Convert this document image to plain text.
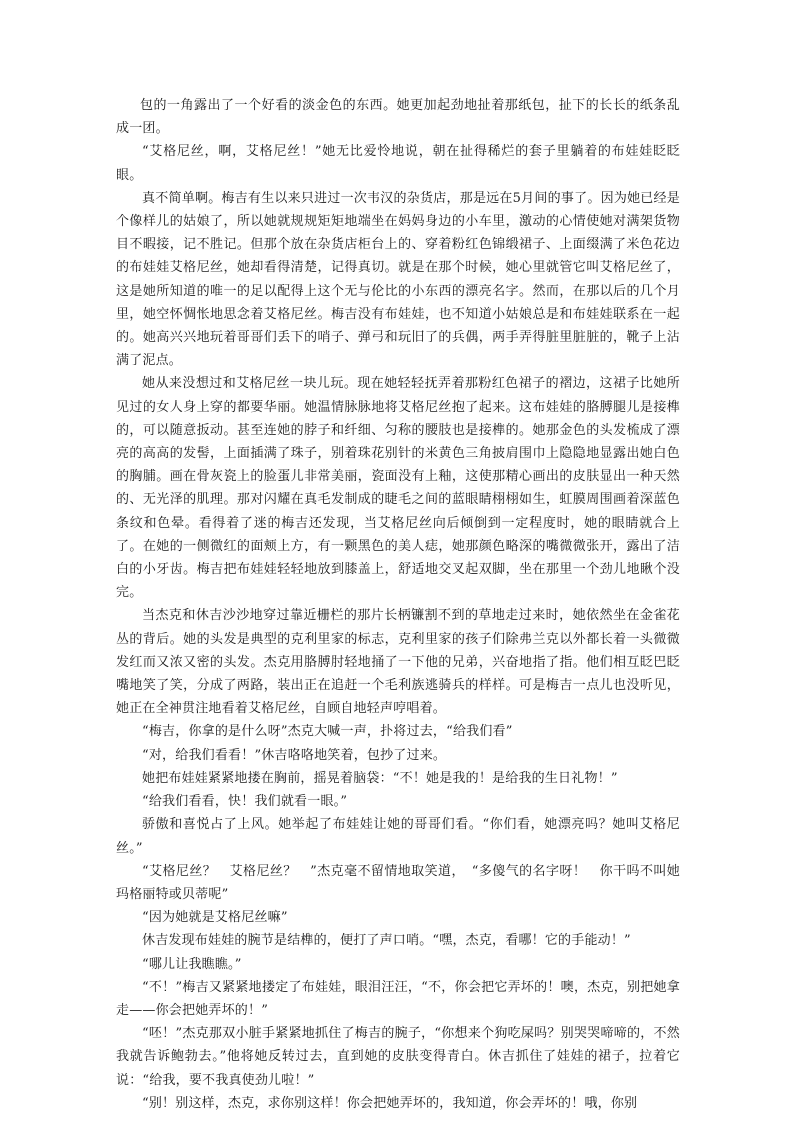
包的一角露出了一个好看的淡金色的东西。她更加起劲地扯着那纸包，扯下的长长的纸条乱成一团。

“艾格尼丝，啊，艾格尼丝！”她无比爱怜地说，朝在扯得稀烂的套子里躺着的布娃娃眨眨眼。

真不简单啊。梅吉有生以来只进过一次韦汉的杂货店，那是远在5月间的事了。因为她已经是个像样儿的姑娘了，所以她就规规矩矩地端坐在妈妈身边的小车里，激动的心情使她对满架货物目不暇接，记不胜记。但那个放在杂货店柜台上的、穿着粉红色锦缎裙子、上面缀满了米色花边的布娃娃艾格尼丝，她却看得清楚，记得真切。就是在那个时候，她心里就管它叫艾格尼丝了，这是她所知道的唯一的足以配得上这个无与伦比的小东西的漂亮名字。然而，在那以后的几个月里，她空怀惆怅地思念着艾格尼丝。梅吉没有布娃娃，也不知道小姑娘总是和布娃娃联系在一起的。她高兴兴地玩着哥哥们丢下的哨子、弹弓和玩旧了的兵偶，两手弄得脏里脏脏的，靴子上沾满了泥点。

她从来没想过和艾格尼丝一块儿玩。现在她轻轻抚弄着那粉红色裙子的褶边，这裙子比她所见过的女人身上穿的都要华丽。她温情脉脉地将艾格尼丝抱了起来。这布娃娃的胳膊腿儿是接榫的，可以随意扳动。甚至连她的脖子和纤细、匀称的腰肢也是接榫的。她那金色的头发梳成了漂亮的高高的发髻，上面插满了珠子，别着珠花别针的米黄色三角披肩围巾上隐隐地显露出她白色的胸脯。画在骨灰瓷上的脸蛋儿非常美丽，瓷面没有上釉，这使那精心画出的皮肤显出一种天然的、无光泽的肌理。那对闪耀在真毛发制成的睫毛之间的蓝眼睛栩栩如生，虹膜周围画着深蓝色条纹和色晕。看得着了迷的梅吉还发现，当艾格尼丝向后倾倒到一定程度时，她的眼睛就合上了。在她的一侧微红的面颊上方，有一颗黑色的美人痣，她那颜色略深的嘴微微张开，露出了洁白的小牙齿。梅吉把布娃娃轻轻地放到膝盖上，舒适地交叉起双脚，坐在那里一个劲儿地瞅个没完。

当杰克和休吉沙沙地穿过靠近栅栏的那片长柄镰割不到的草地走过来时，她依然坐在金雀花丛的背后。她的头发是典型的克利里家的标志，克利里家的孩子们除弗兰克以外都长着一头微微发红而又浓又密的头发。杰克用胳膊肘轻地捅了一下他的兄弟，兴奋地指了指。他们相互眨巴眨嘴地笑了笑，分成了两路，装出正在追赶一个毛利族逃骑兵的样样。可是梅吉一点儿也没听见，她正在全神贯注地看着艾格尼丝，自顾自地轻声哼唱着。

“梅吉，你拿的是什么呀”杰克大喊一声，扑将过去，“给我们看”

“对，给我们看看！”休吉咯咯地笑着，包抄了过来。

她把布娃娃紧紧地搂在胸前，摇晃着脑袋：“不！她是我的！是给我的生日礼物！”

“给我们看看，快！我们就看一眼。”

骄傲和喜悦占了上风。她举起了布娃娃让她的哥哥们看。“你们看，她漂亮吗？她叫艾格尼丝。”

“艾格尼丝？　艾格尼丝？　”杰克毫不留情地取笑道，　“多傻气的名字呀！　你干吗不叫她玛格丽特或贝蒂呢”

“因为她就是艾格尼丝嘛”

休吉发现布娃娃的腕节是结榫的，便打了声口哨。“嘿，杰克，看哪！它的手能动！”

“哪儿让我瞧瞧。”

“不！”梅吉又紧紧地搂定了布娃娃，眼泪汪汪，“不，你会把它弄坏的！噢，杰克，别把她拿走——你会把她弄坏的！”

“呸！”杰克那双小脏手紧紧地抓住了梅吉的腕子，“你想来个狗吃屎吗？别哭哭啼啼的，不然我就告诉鲍勃去。”他将她反转过去，直到她的皮肤变得青白。休吉抓住了娃娃的裙子，拉着它说：“给我，要不我真使劲儿啦！”

“别！别这样，杰克，求你别这样！你会把她弄坏的，我知道，你会弄坏的！哦，你别
